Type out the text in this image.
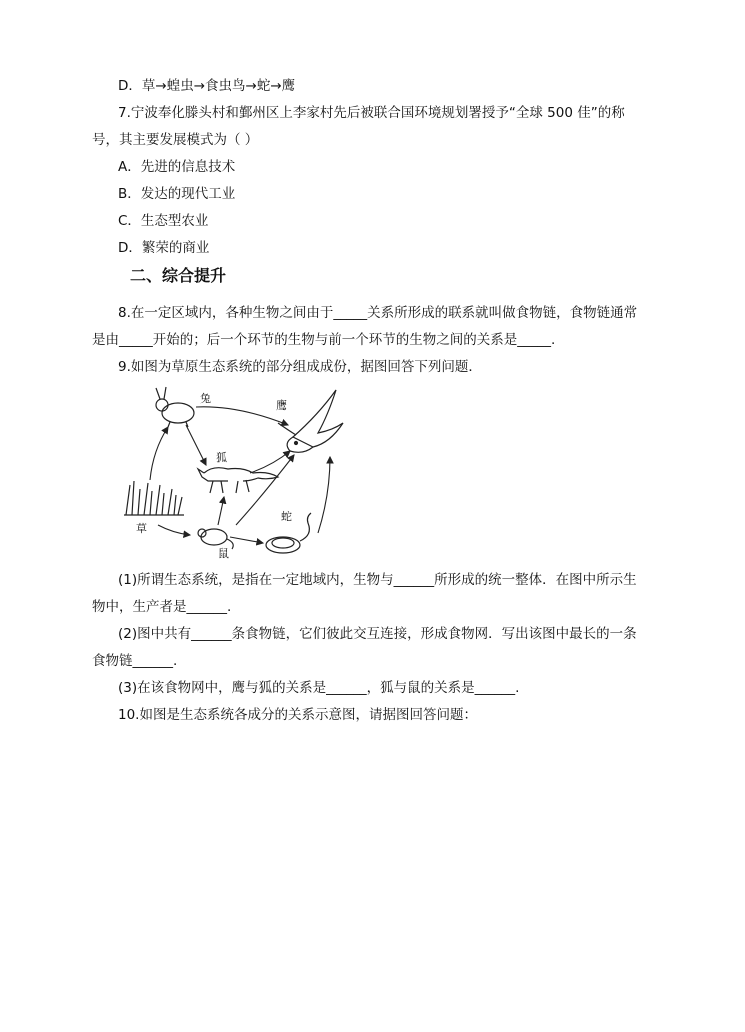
D．草→蝗虫→食虫鸟→蛇→鹰
7.宁波奉化滕头村和鄞州区上李家村先后被联合国环境规划署授予“全球 500 佳”的称
号，其主要发展模式为（ ）
A．先进的信息技术
B．发达的现代工业
C．生态型农业
D．繁荣的商业
二、综合提升
8.在一定区域内，各种生物之间由于_____关系所形成的联系就叫做食物链，食物链通常
是由_____开始的；后一个环节的生物与前一个环节的生物之间的关系是_____.
9.如图为草原生态系统的部分组成成份，据图回答下列问题．
兔
鹰
狐
草
鼠
蛇
(1)所谓生态系统，是指在一定地域内，生物与______所形成的统一整体．在图中所示生
物中，生产者是______.
(2)图中共有______条食物链，它们彼此交互连接，形成食物网．写出该图中最长的一条
食物链______.
(3)在该食物网中，鹰与狐的关系是______，狐与鼠的关系是______.
10.如图是生态系统各成分的关系示意图，请据图回答问题：
